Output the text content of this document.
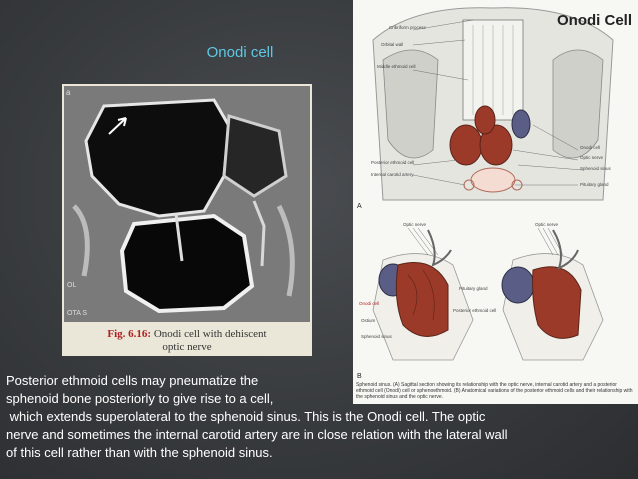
Onodi cell
a
OL
OTA S
Fig. 6.16: Onodi cell with dehiscent
optic nerve
Cribriform process
Orbital wall
Middle ethmoid cell
Onodi cell
Posterior ethmoid cell
Optic nerve
Internal carotid artery
Sphenoid sinus
Pituitary gland
A
Optic nerve
Onodi cell
Ostium
Sphenoid sinus
Pituitary gland
Posterior ethmoid cell
Optic nerve
B
Onodi Cell
Sphenoid sinus. (A) Sagittal section showing its relationship with the optic nerve, internal carotid artery and a posterior ethmoid cell (Onodi) cell or sphenoethmoid. (B) Anatomical variations of the posterior ethmoid cells and their relationship with the sphenoid sinus and the optic nerve.
Posterior ethmoid cells may pneumatize the
sphenoid bone posteriorly to give rise to a cell,
which extends superolateral to the sphenoid sinus. This is the Onodi cell. The optic
nerve and sometimes the internal carotid artery are in close relation with the lateral wall
of this cell rather than with the sphenoid sinus.
